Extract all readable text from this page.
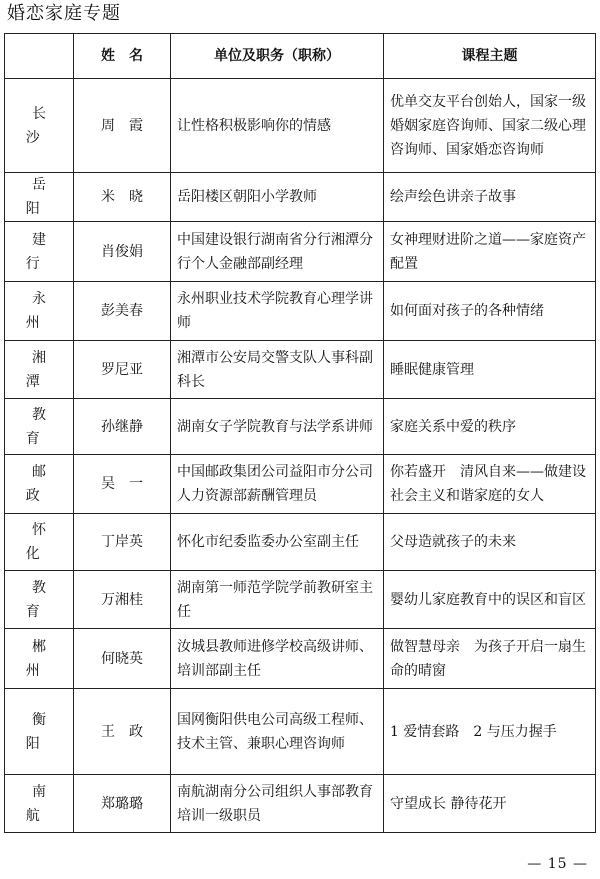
婚恋家庭专题
	姓　名	单位及职务（职称）	课程主题
长 沙	周　霞	让性格积极影响你的情感	优单交友平台创始人，国家一级婚姻家庭咨询师、国家二级心理咨询师、国家婚恋咨询师
岳 阳	米　晓	岳阳楼区朝阳小学教师	绘声绘色讲亲子故事
建 行	肖俊娟	中国建设银行湖南省分行湘潭分行个人金融部副经理	女神理财进阶之道——家庭资产配置
永 州	彭美春	永州职业技术学院教育心理学讲师	如何面对孩子的各种情绪
湘 潭	罗尼亚	湘潭市公安局交警支队人事科副科长	睡眠健康管理
教 育	孙继静	湖南女子学院教育与法学系讲师	家庭关系中爱的秩序
邮 政	吴　一	中国邮政集团公司益阳市分公司人力资源部薪酬管理员	你若盛开　清风自来——做建设社会主义和谐家庭的女人
怀 化	丁岸英	怀化市纪委监委办公室副主任	父母造就孩子的未来
教 育	万湘桂	湖南第一师范学院学前教研室主任	婴幼儿家庭教育中的误区和盲区
郴 州	何晓英	汝城县教师进修学校高级讲师、培训部副主任	做智慧母亲　为孩子开启一扇生命的晴窗
衡 阳	王　政	国网衡阳供电公司高级工程师、技术主管、兼职心理咨询师	1 爱情套路　2 与压力握手
南 航	郑璐璐	南航湖南分公司组织人事部教育培训一级职员	守望成长 静待花开
— 15 —
